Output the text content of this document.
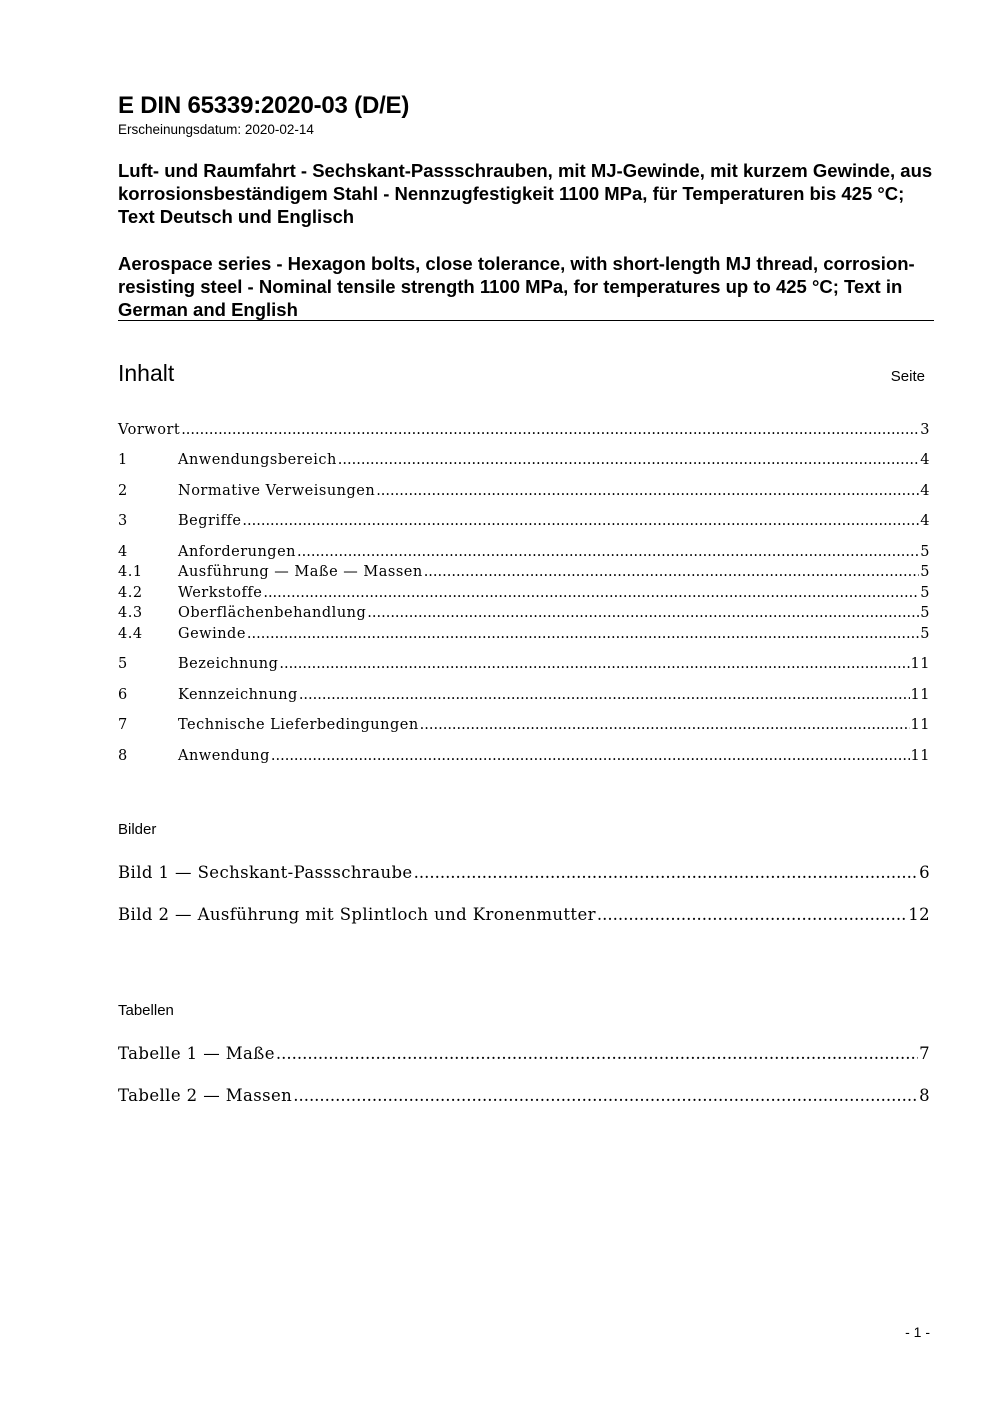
E DIN 65339:2020-03 (D/E)
Erscheinungsdatum: 2020-02-14
Luft- und Raumfahrt - Sechskant-Passschrauben, mit MJ-Gewinde, mit kurzem Gewinde, aus korrosionsbeständigem Stahl - Nennzugfestigkeit 1100 MPa, für Temperaturen bis 425 °C; Text Deutsch und Englisch
Aerospace series - Hexagon bolts, close tolerance, with short-length MJ thread, corrosion-resisting steel - Nominal tensile strength 1100 MPa, for temperatures up to 425 °C; Text in German and English
Inhalt	Seite
Vorwort .....	3
1	Anwendungsbereich .....	4
2	Normative Verweisungen .....	4
3	Begriffe .....	4
4	Anforderungen .....	5
4.1	Ausführung — Maße — Massen .....	5
4.2	Werkstoffe .....	5
4.3	Oberflächenbehandlung .....	5
4.4	Gewinde .....	5
5	Bezeichnung .....	11
6	Kennzeichnung .....	11
7	Technische Lieferbedingungen .....	11
8	Anwendung .....	11
Bilder
Bild 1 — Sechskant-Passschraube .....	6
Bild 2 — Ausführung mit Splintloch und Kronenmutter .....	12
Tabellen
Tabelle 1 — Maße .....	7
Tabelle 2 — Massen .....	8
- 1 -
